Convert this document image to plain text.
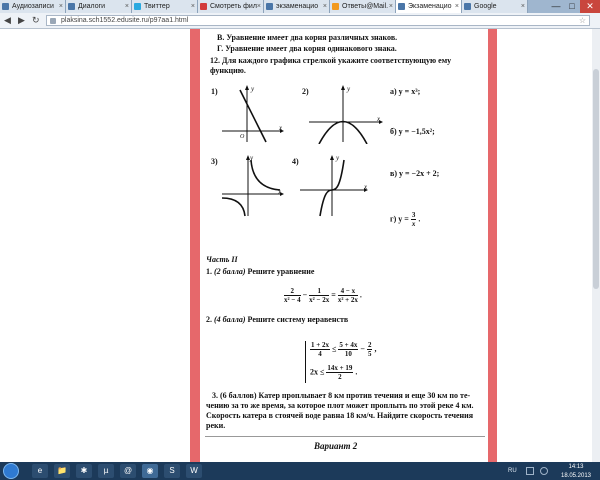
Аудиозаписи ×	Диалоги	×	Твиттер	×	Смотреть фил ×	экзаменацио ×	Ответы@Mail. ×	Экзаменацио ×	Google	×	— □	✕
◀ ▶ ↻	plaksina.sch1552.edusite.ru/p97aa1.html	☆
В. Уравнение имеет два корня различных знаков.
Г. Уравнение имеет два корня одинакового знака.
12. Для каждого графика стрелкой укажите соответствующую ему
функцию.
1)	2)
3)	4)
y
x
O
y
x
y
x
y
x
а) y = x³;
б) y = −1,5x²;
в) y = −2x + 2;
г) $y = \frac{3}{x}$ .
Часть II
1. (2 балла) Решите уравнение
$\frac{2}{\text{x² − 4}} - \frac{1}{\text{x² − 2x}} = \frac{4 - x}{\text{x² + 2x}}$ .
2. (4 балла) Решите систему неравенств
$\frac{1 + 2x}{4} \le \frac{5 + 4x}{10} - \frac{2}{5}$ ,
$2x \le \frac{14x + 19}{2}$ .
3. (6 баллов) Катер проплывает 8 км против течения и еще 30 км по те-
чению за то же время, за которое плот может проплыть по этой реке 4 км.
Скорость катера в стоячей воде равна 18 км/ч. Найдите скорость течения
реки.
Вариант 2
e	📁	✱	µ	@	◉	S	W	RU
14:13
18.05.2013
